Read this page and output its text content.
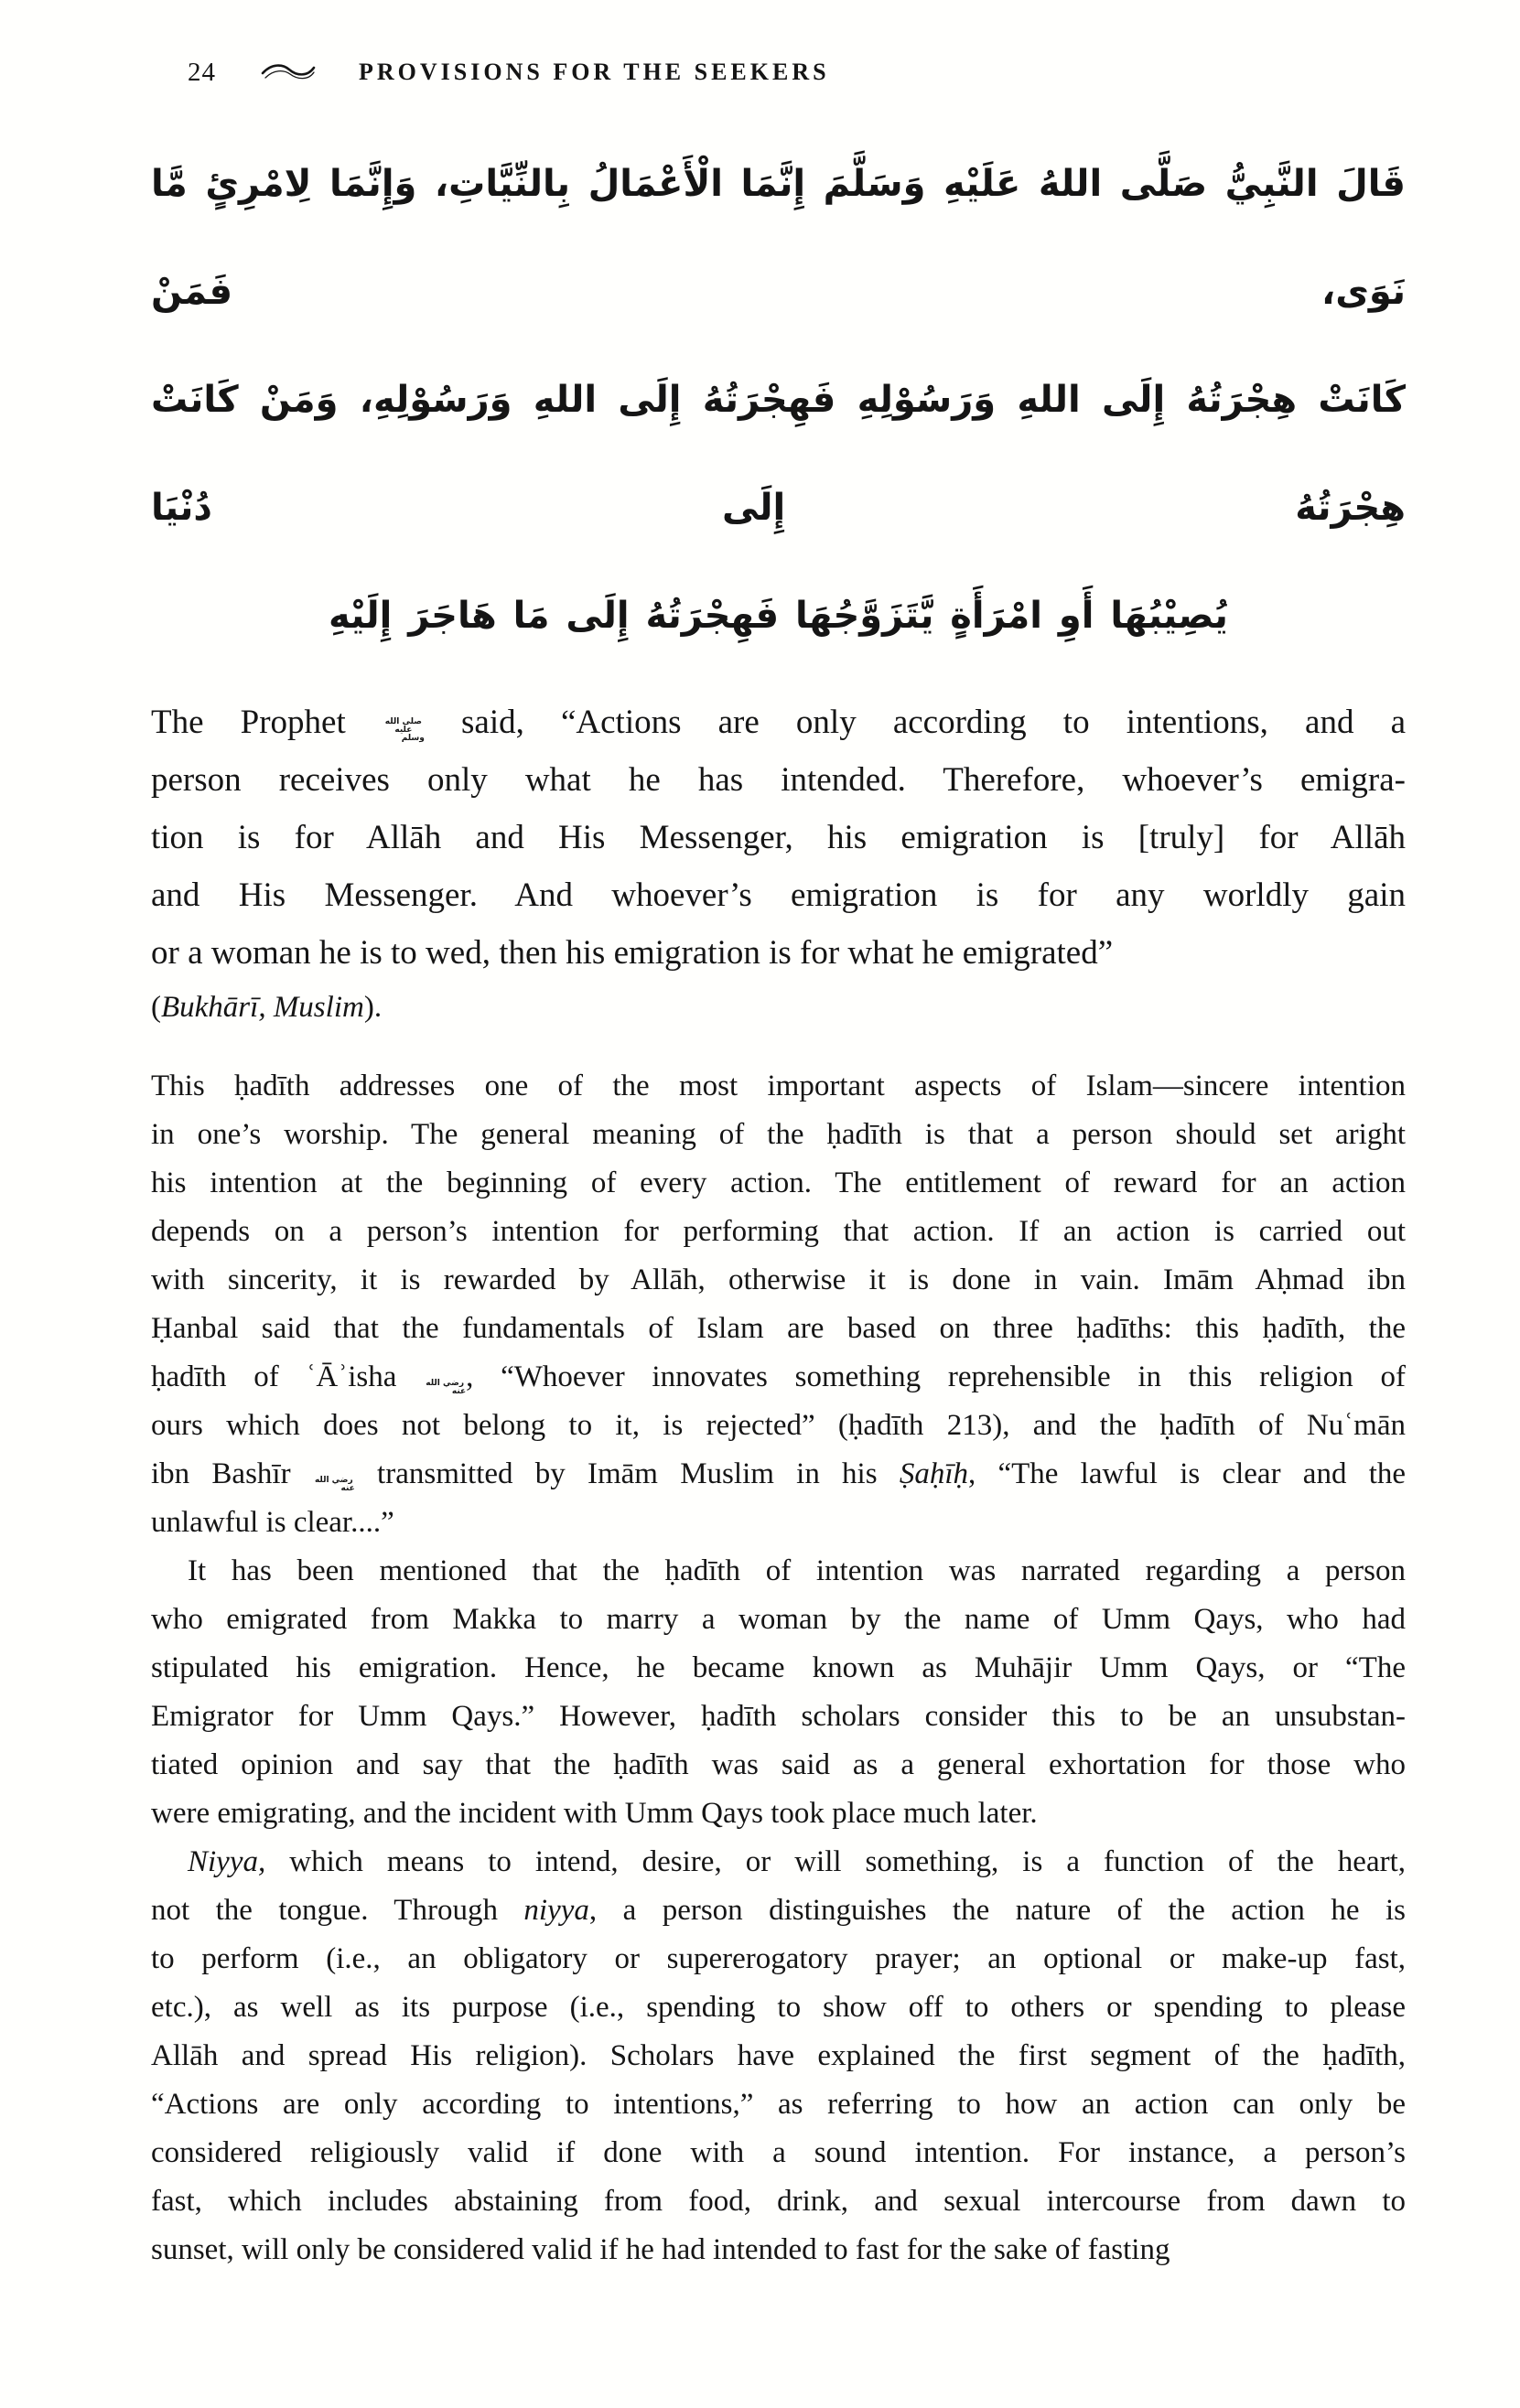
24	PROVISIONS FOR THE SEEKERS
قَالَ النَّبِيُّ صَلَّى اللهُ عَلَيْهِ وَسَلَّمَ إِنَّمَا الْأَعْمَالُ بِالنِّيَّاتِ، وَإِنَّمَا لِامْرِئٍ مَّا نَوَى، فَمَنْ
كَانَتْ هِجْرَتُهُ إِلَى اللهِ وَرَسُوْلِهِ فَهِجْرَتُهُ إِلَى اللهِ وَرَسُوْلِهِ، وَمَنْ كَانَتْ هِجْرَتُهُ إِلَى دُنْيَا
يُصِيْبُهَا أَوِ امْرَأَةٍ يَّتَزَوَّجُهَا فَهِجْرَتُهُ إِلَى مَا هَاجَرَ إِلَيْهِ
The Prophet صلى الله عليه وسلم said, “Actions are only according to intentions, and a
person receives only what he has intended. Therefore, whoever’s emigra-
tion is for Allāh and His Messenger, his emigration is [truly] for Allāh
and His Messenger. And whoever’s emigration is for any worldly gain
or a woman he is to wed, then his emigration is for what he emigrated”
(Bukhārī, Muslim).
This ḥadīth addresses one of the most important aspects of Islam—sincere intention
in one’s worship. The general meaning of the ḥadīth is that a person should set aright
his intention at the beginning of every action. The entitlement of reward for an action
depends on a person’s intention for performing that action. If an action is carried out
with sincerity, it is rewarded by Allāh, otherwise it is done in vain. Imām Aḥmad ibn
Ḥanbal said that the fundamentals of Islam are based on three ḥadīths: this ḥadīth, the
ḥadīth of ʿĀʾisha رضي الله عنه, “Whoever innovates something reprehensible in this religion of
ours which does not belong to it, is rejected” (ḥadīth 213), and the ḥadīth of Nuʿmān
ibn Bashīr رضي الله عنه transmitted by Imām Muslim in his Ṣaḥīḥ, “The lawful is clear and the
unlawful is clear....”
It has been mentioned that the ḥadīth of intention was narrated regarding a person
who emigrated from Makka to marry a woman by the name of Umm Qays, who had
stipulated his emigration. Hence, he became known as Muhājir Umm Qays, or “The
Emigrator for Umm Qays.” However, ḥadīth scholars consider this to be an unsubstan-
tiated opinion and say that the ḥadīth was said as a general exhortation for those who
were emigrating, and the incident with Umm Qays took place much later.
Niyya, which means to intend, desire, or will something, is a function of the heart,
not the tongue. Through niyya, a person distinguishes the nature of the action he is
to perform (i.e., an obligatory or supererogatory prayer; an optional or make-up fast,
etc.), as well as its purpose (i.e., spending to show off to others or spending to please
Allāh and spread His religion). Scholars have explained the first segment of the ḥadīth,
“Actions are only according to intentions,” as referring to how an action can only be
considered religiously valid if done with a sound intention. For instance, a person’s
fast, which includes abstaining from food, drink, and sexual intercourse from dawn to
sunset, will only be considered valid if he had intended to fast for the sake of fasting
